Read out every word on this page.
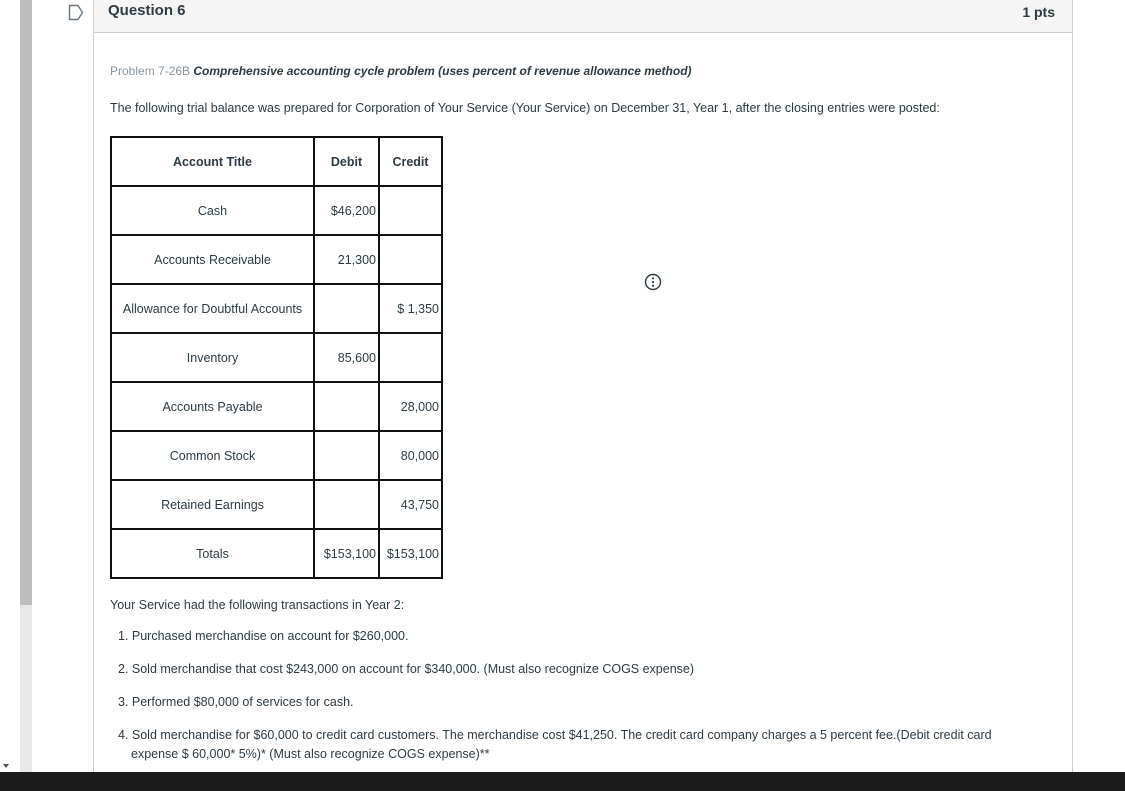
Question 6	1 pts
Problem 7-26B Comprehensive accounting cycle problem (uses percent of revenue allowance method)
The following trial balance was prepared for Corporation of Your Service (Your Service) on December 31, Year 1, after the closing entries were posted:
Account Title	Debit	Credit
Cash	$46,200	
Accounts Receivable	21,300	
Allowance for Doubtful Accounts		$ 1,350
Inventory	85,600	
Accounts Payable		28,000
Common Stock		80,000
Retained Earnings		43,750
Totals	$153,100	$153,100
Your Service had the following transactions in Year 2:
1. Purchased merchandise on account for $260,000.
2. Sold merchandise that cost $243,000 on account for $340,000. (Must also recognize COGS expense)
3. Performed $80,000 of services for cash.
4. Sold merchandise for $60,000 to credit card customers. The merchandise cost $41,250. The credit card company charges a 5 percent fee.(Debit credit card
expense $ 60,000* 5%)* (Must also recognize COGS expense)**
